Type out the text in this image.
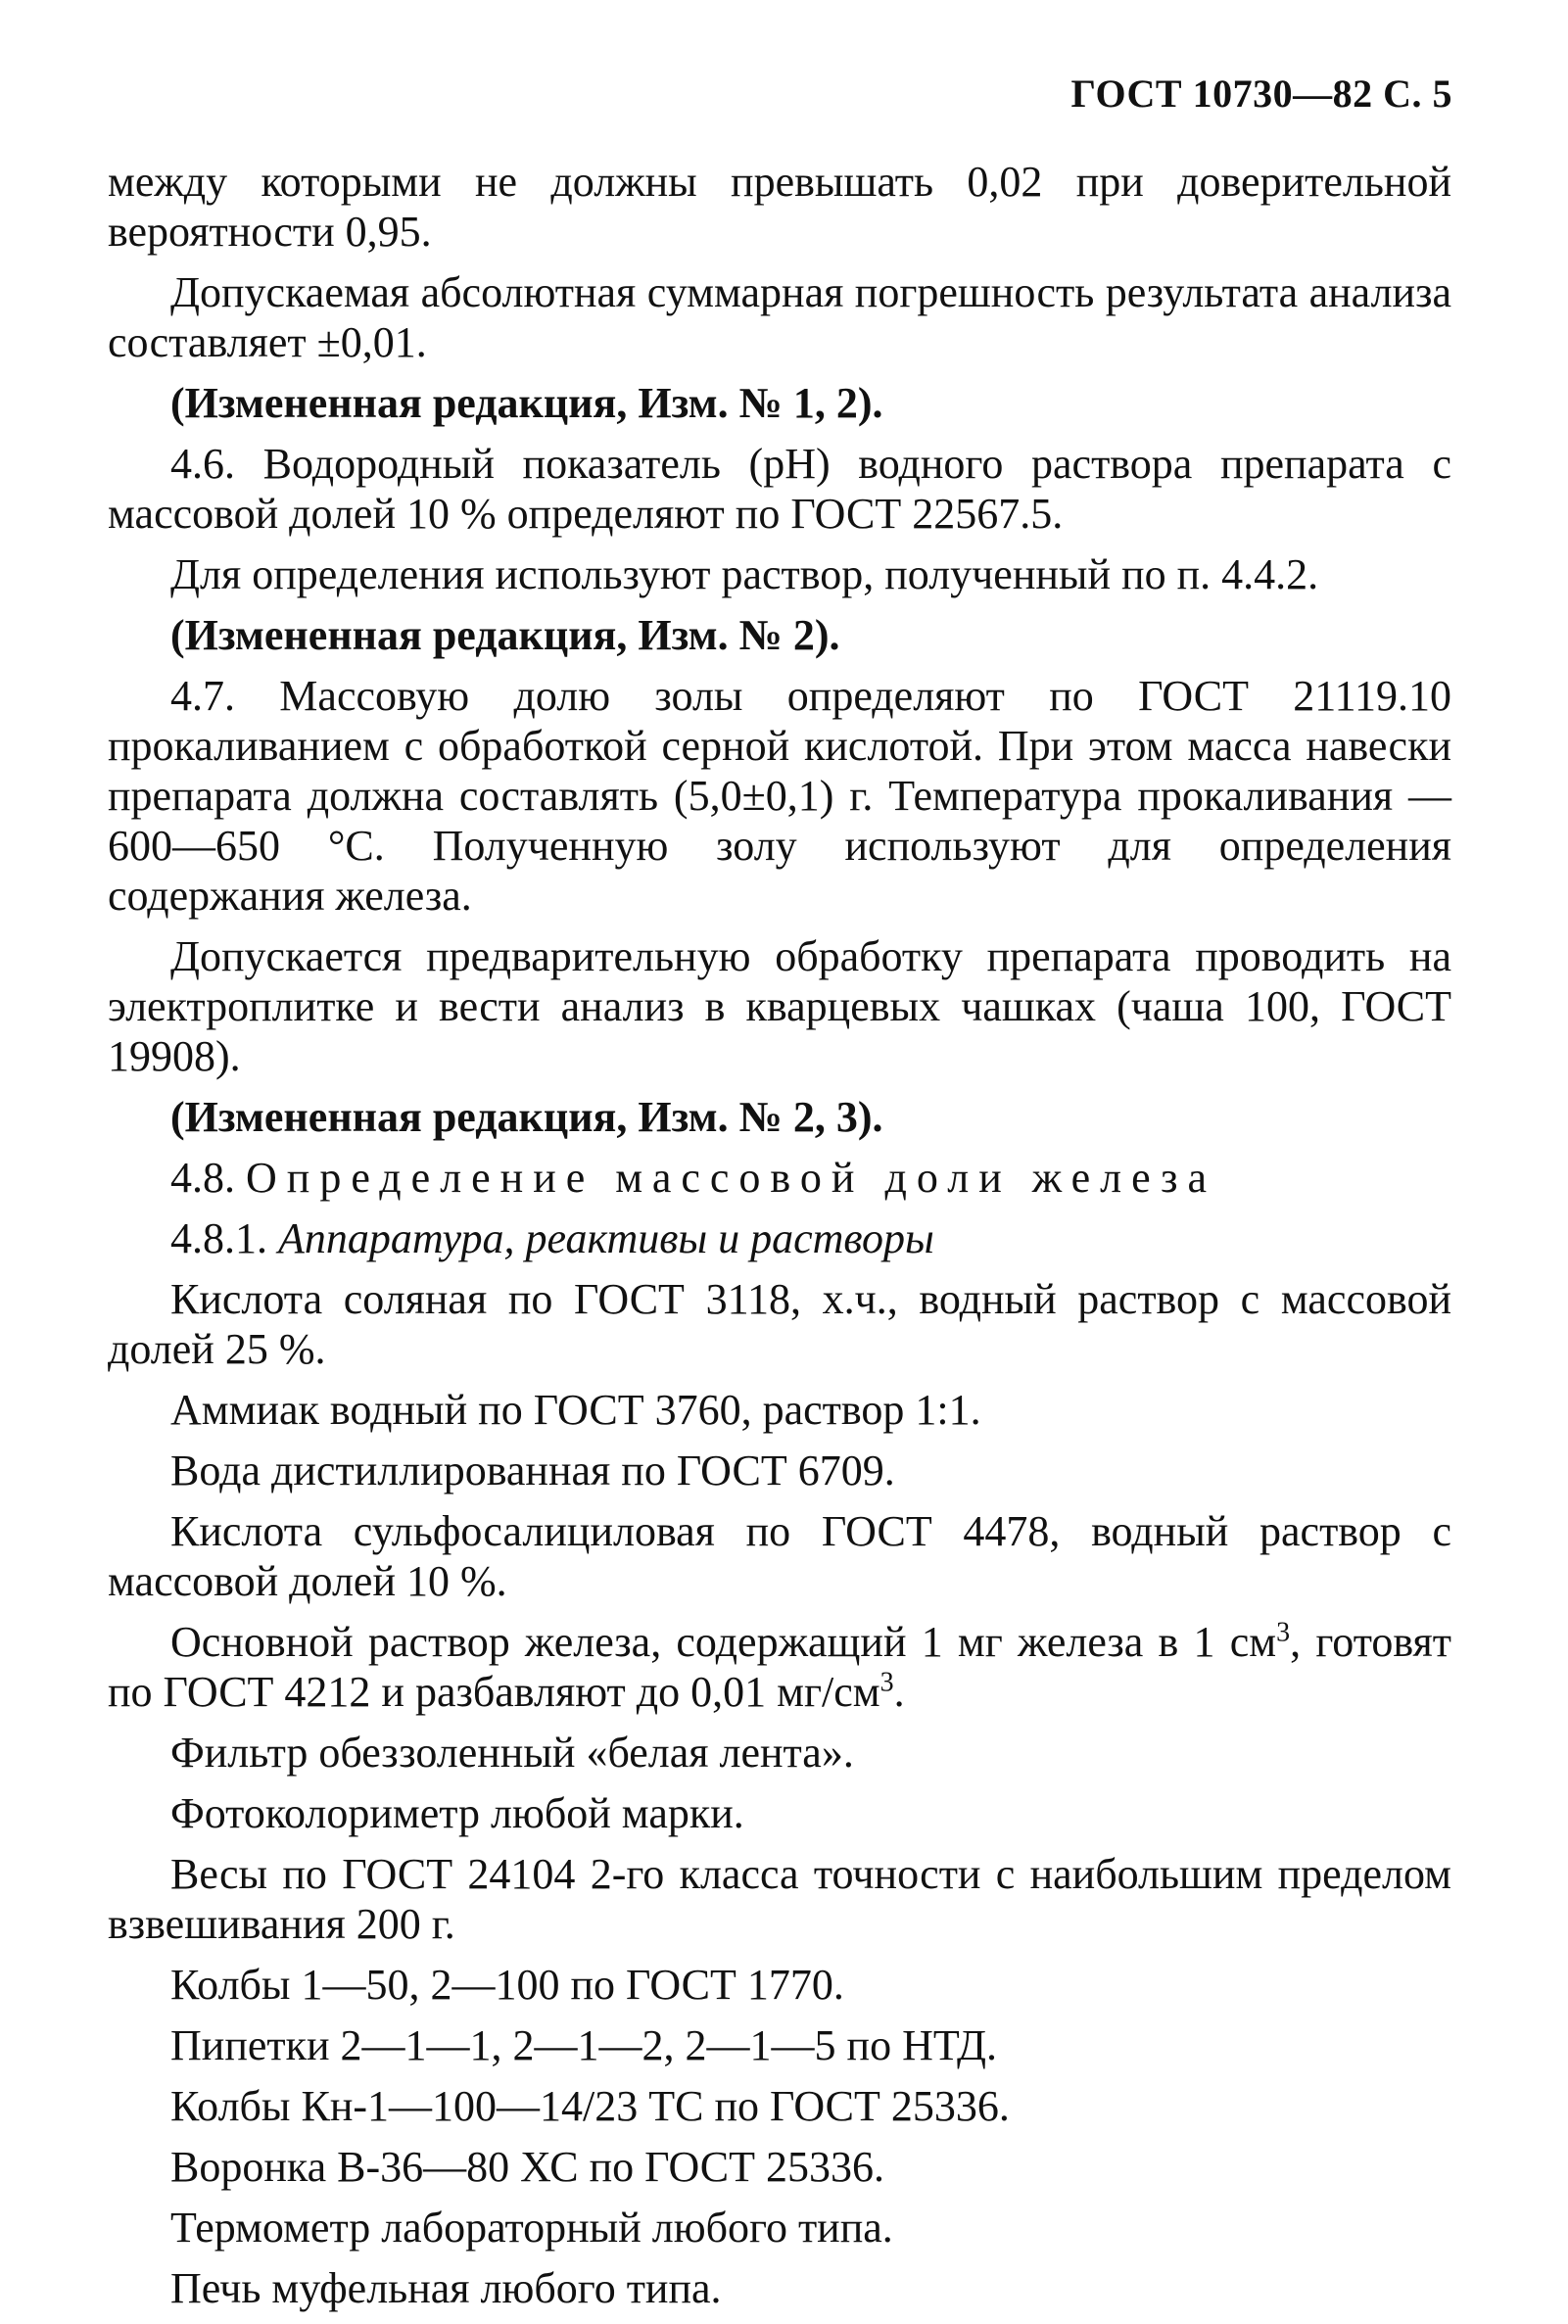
ГОСТ 10730—82 С. 5

между которыми не должны превышать 0,02 при доверительной вероятности 0,95.

Допускаемая абсолютная суммарная погрешность результата анализа составляет ±0,01.

(Измененная редакция, Изм. № 1, 2).

4.6. Водородный показатель (pH) водного раствора препарата с массовой долей 10 % определяют по ГОСТ 22567.5.

Для определения используют раствор, полученный по п. 4.4.2.

(Измененная редакция, Изм. № 2).

4.7. Массовую долю золы определяют по ГОСТ 21119.10 прокаливанием с обработкой серной кислотой. При этом масса навески препарата должна составлять (5,0±0,1) г. Температура прокаливания — 600—650 °С. Полученную золу используют для определения содержания железа.

Допускается предварительную обработку препарата проводить на электроплитке и вести анализ в кварцевых чашках (чаша 100, ГОСТ 19908).

(Измененная редакция, Изм. № 2, 3).

4.8. Определение массовой доли железа

4.8.1. Аппаратура, реактивы и растворы

Кислота соляная по ГОСТ 3118, х.ч., водный раствор с массовой долей 25 %.

Аммиак водный по ГОСТ 3760, раствор 1:1.

Вода дистиллированная по ГОСТ 6709.

Кислота сульфосалициловая по ГОСТ 4478, водный раствор с массовой долей 10 %.

Основной раствор железа, содержащий 1 мг железа в 1 $см^3$, готовят по ГОСТ 4212 и разбавляют до 0,01 $мг/см^3$.

Фильтр обеззоленный «белая лента».

Фотоколориметр любой марки.

Весы по ГОСТ 24104 2-го класса точности с наибольшим пределом взвешивания 200 г.

Колбы 1—50, 2—100 по ГОСТ 1770.

Пипетки 2—1—1, 2—1—2, 2—1—5 по НТД.

Колбы Кн-1—100—14/23 ТС по ГОСТ 25336.

Воронка В-36—80 ХС по ГОСТ 25336.

Термометр лабораторный любого типа.

Печь муфельная любого типа.
